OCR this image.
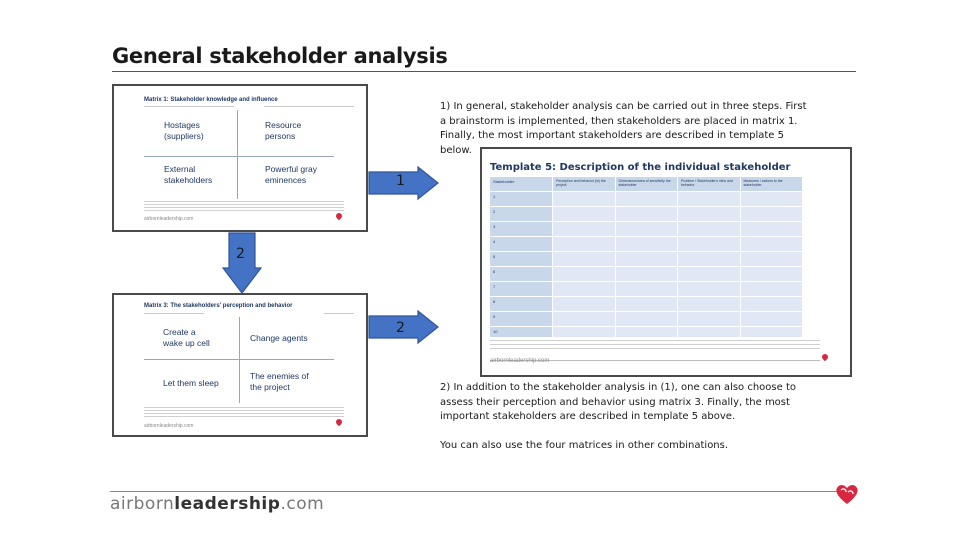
General stakeholder analysis
Matrix 1: Stakeholder knowledge and influence
Hostages
(suppliers)
Resource
persons
External
stakeholders
Powerful gray
eminences
airbornleadership.com
Matrix 3: The stakeholders' perception and behavior
Create a
wake up cell	Change agents
Let them sleep
The enemies of
the project
airbornleadership.com
1
2
2
1) In general, stakeholder analysis can be carried out in three steps. First a brainstorm is implemented, then stakeholders are placed in matrix 1. Finally, the most important stakeholders are described in template 5 below.
Template 5: Description of the individual stakeholder
Stakeholder	Perception and behavior (in) the project
Dimensions/area of sensitivity the stakeholder
Problem / Stakeholder's view and behavior
Measures / actions to the stakeholder
1
2
3
4
5
6
7
8
9
10
airbornleadership.com
2) In addition to the stakeholder analysis in (1), one can also choose to assess their perception and behavior using matrix 3. Finally, the most important stakeholders are described in template 5 above.
You can also use the four matrices in other combinations.
airbornleadership.com
